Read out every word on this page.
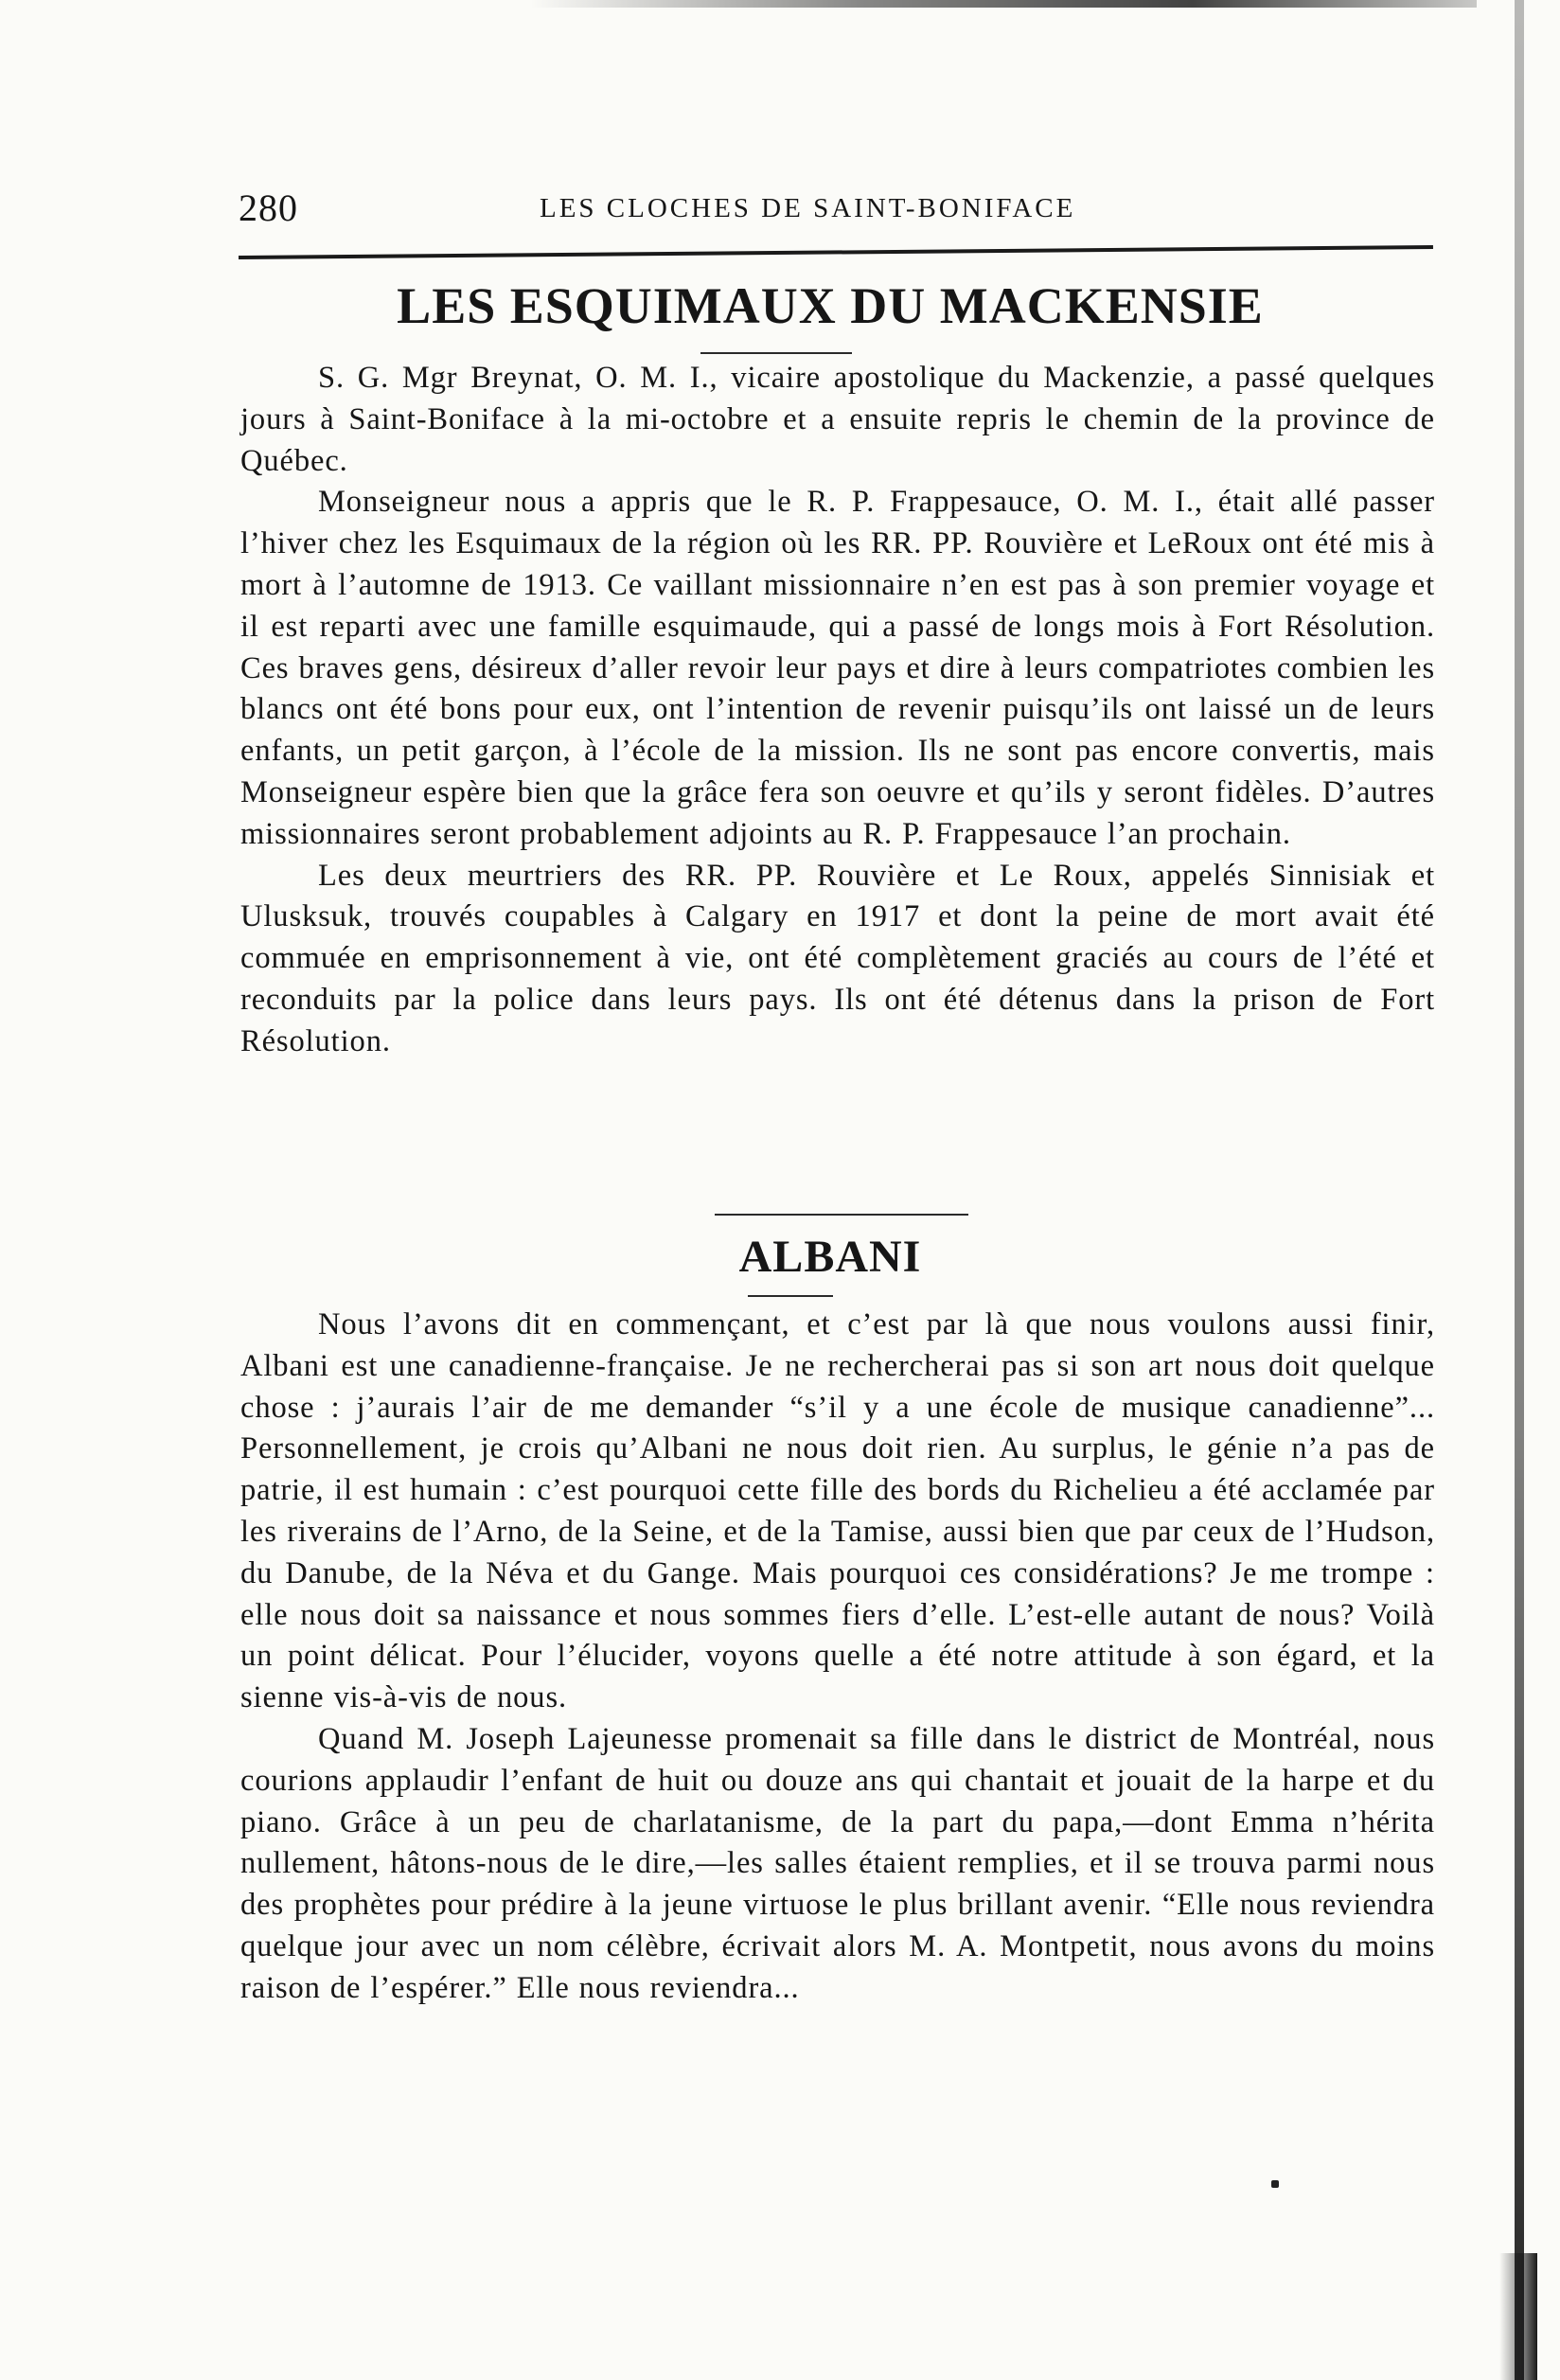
280	LES CLOCHES DE SAINT-BONIFACE
LES ESQUIMAUX DU MACKENSIE

S. G. Mgr Breynat, O. M. I., vicaire apostolique du Mackenzie, a passé quelques jours à Saint-Boniface à la mi-octobre et a ensuite repris le chemin de la province de Québec.

Monseigneur nous a appris que le R. P. Frappesauce, O. M. I., était allé passer l’hiver chez les Esquimaux de la région où les RR. PP. Rouvière et LeRoux ont été mis à mort à l’automne de 1913. Ce vaillant missionnaire n’en est pas à son premier voyage et il est reparti avec une famille esquimaude, qui a passé de longs mois à Fort Résolution. Ces braves gens, désireux d’aller revoir leur pays et dire à leurs compatriotes combien les blancs ont été bons pour eux, ont l’intention de revenir puisqu’ils ont laissé un de leurs enfants, un petit garçon, à l’école de la mission. Ils ne sont pas encore convertis, mais Monseigneur espère bien que la grâce fera son oeuvre et qu’ils y seront fidèles. D’autres missionnaires seront probablement adjoints au R. P. Frappesauce l’an prochain.

Les deux meurtriers des RR. PP. Rouvière et Le Roux, appelés Sinnisiak et Ulusksuk, trouvés coupables à Calgary en 1917 et dont la peine de mort avait été commuée en emprisonnement à vie, ont été complètement graciés au cours de l’été et reconduits par la police dans leurs pays. Ils ont été détenus dans la prison de Fort Résolution.

ALBANI

Nous l’avons dit en commençant, et c’est par là que nous voulons aussi finir, Albani est une canadienne-française. Je ne rechercherai pas si son art nous doit quelque chose : j’aurais l’air de me demander “s’il y a une école de musique canadienne”... Personnellement, je crois qu’Albani ne nous doit rien. Au surplus, le génie n’a pas de patrie, il est humain : c’est pourquoi cette fille des bords du Richelieu a été acclamée par les riverains de l’Arno, de la Seine, et de la Tamise, aussi bien que par ceux de l’Hudson, du Danube, de la Néva et du Gange. Mais pourquoi ces considérations? Je me trompe : elle nous doit sa naissance et nous sommes fiers d’elle. L’est-elle autant de nous? Voilà un point délicat. Pour l’élucider, voyons quelle a été notre attitude à son égard, et la sienne vis-à-vis de nous.

Quand M. Joseph Lajeunesse promenait sa fille dans le district de Montréal, nous courions applaudir l’enfant de huit ou douze ans qui chantait et jouait de la harpe et du piano. Grâce à un peu de charlatanisme, de la part du papa,—dont Emma n’hérita nullement, hâtons-nous de le dire,—les salles étaient remplies, et il se trouva parmi nous des prophètes pour prédire à la jeune virtuose le plus brillant avenir. “Elle nous reviendra quelque jour avec un nom célèbre, écrivait alors M. A. Montpetit, nous avons du moins raison de l’espérer.” Elle nous reviendra...
